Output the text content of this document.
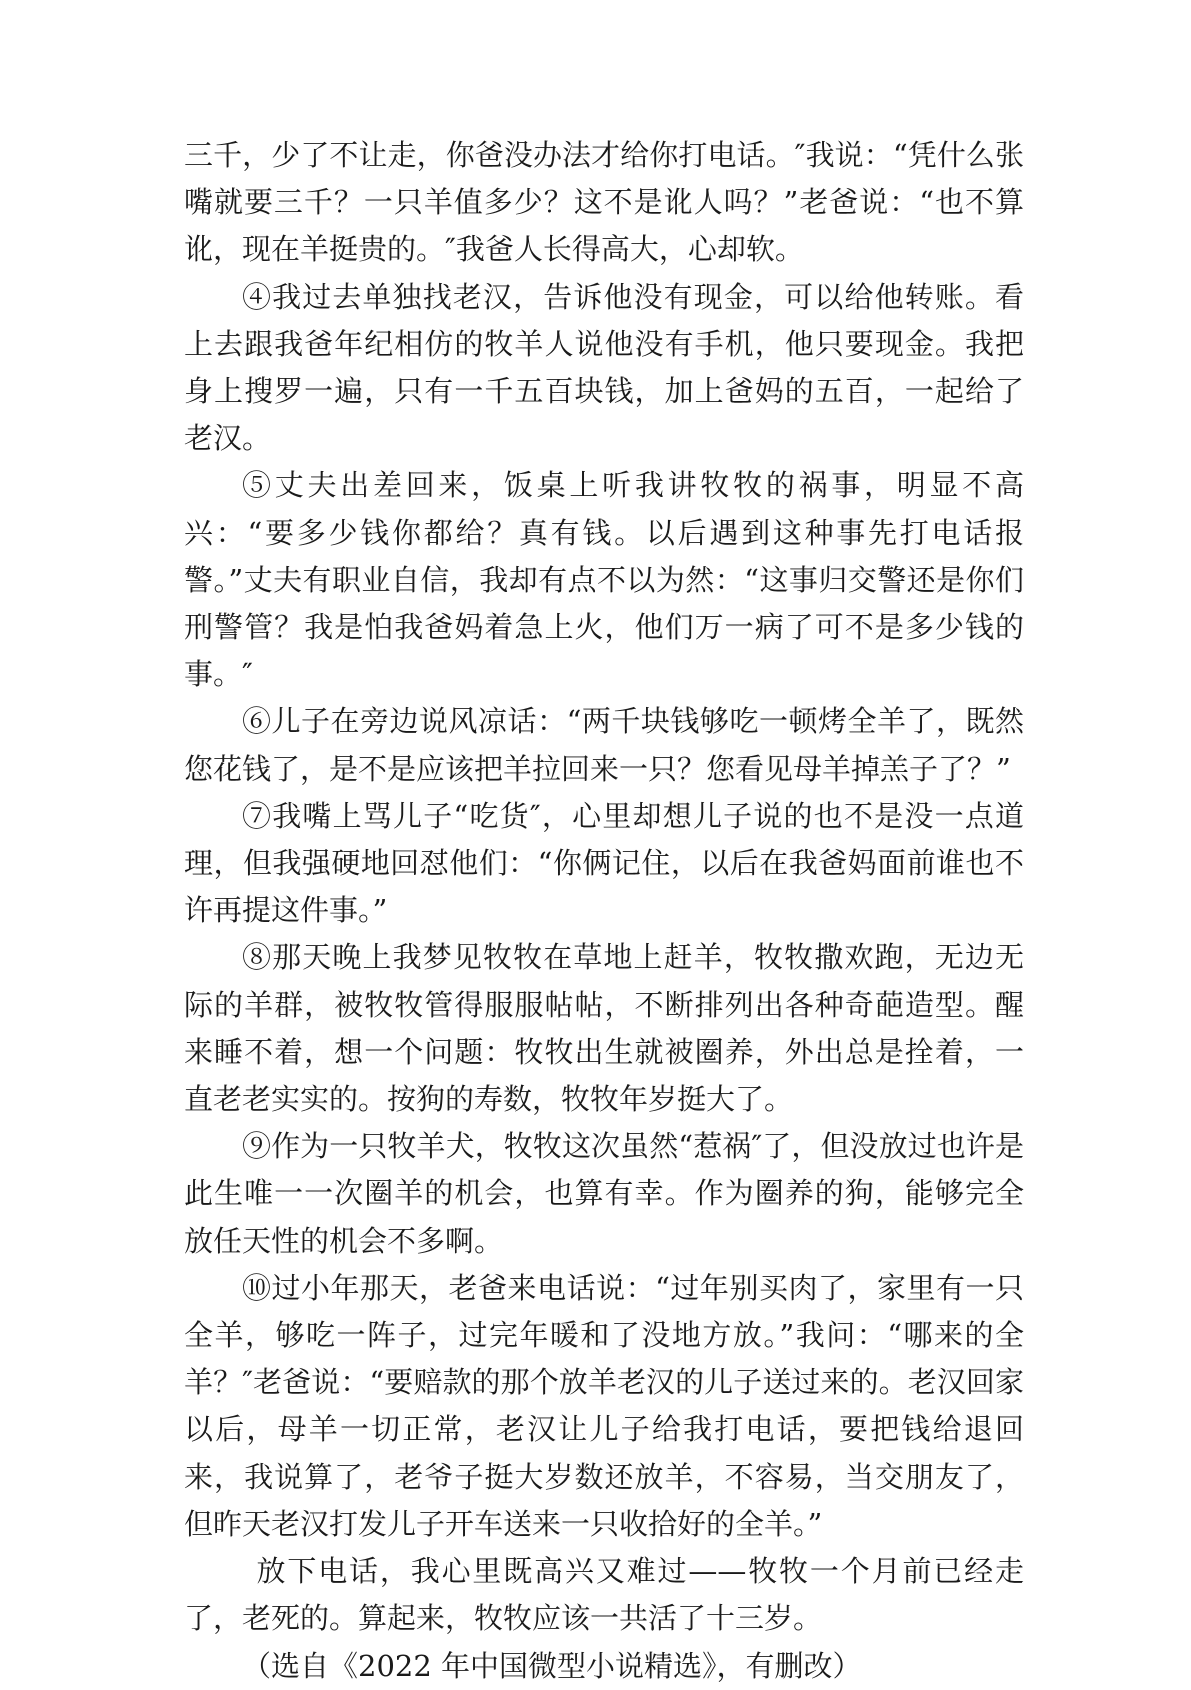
三千，少了不让走，你爸没办法才给你打电话。″我说：“凭什么张嘴就要三千？一只羊值多少？这不是讹人吗？”老爸说：“也不算讹，现在羊挺贵的。″我爸人长得高大，心却软。

④我过去单独找老汉，告诉他没有现金，可以给他转账。看上去跟我爸年纪相仿的牧羊人说他没有手机，他只要现金。我把身上搜罗一遍，只有一千五百块钱，加上爸妈的五百，一起给了老汉。

⑤丈夫出差回来，饭桌上听我讲牧牧的祸事，明显不高兴：“要多少钱你都给？真有钱。以后遇到这种事先打电话报警。”丈夫有职业自信，我却有点不以为然：“这事归交警还是你们刑警管？我是怕我爸妈着急上火，他们万一病了可不是多少钱的事。″

⑥儿子在旁边说风凉话：“两千块钱够吃一顿烤全羊了，既然您花钱了，是不是应该把羊拉回来一只？您看见母羊掉羔子了？”

⑦我嘴上骂儿子“吃货″，心里却想儿子说的也不是没一点道理，但我强硬地回怼他们：“你俩记住，以后在我爸妈面前谁也不许再提这件事。”

⑧那天晚上我梦见牧牧在草地上赶羊，牧牧撒欢跑，无边无际的羊群，被牧牧管得服服帖帖，不断排列出各种奇葩造型。醒来睡不着，想一个问题：牧牧出生就被圈养，外出总是拴着，一直老老实实的。按狗的寿数，牧牧年岁挺大了。

⑨作为一只牧羊犬，牧牧这次虽然“惹祸″了，但没放过也许是此生唯一一次圈羊的机会，也算有幸。作为圈养的狗，能够完全放任天性的机会不多啊。

⑩过小年那天，老爸来电话说：“过年别买肉了，家里有一只全羊，够吃一阵子，过完年暖和了没地方放。”我问：“哪来的全羊？″老爸说：“要赔款的那个放羊老汉的儿子送过来的。老汉回家以后，母羊一切正常，老汉让儿子给我打电话，要把钱给退回来，我说算了，老爷子挺大岁数还放羊，不容易，当交朋友了，但昨天老汉打发儿子开车送来一只收拾好的全羊。”

放下电话，我心里既高兴又难过——牧牧一个月前已经走了，老死的。算起来，牧牧应该一共活了十三岁。

（选自《2022 年中国微型小说精选》，有删改）
